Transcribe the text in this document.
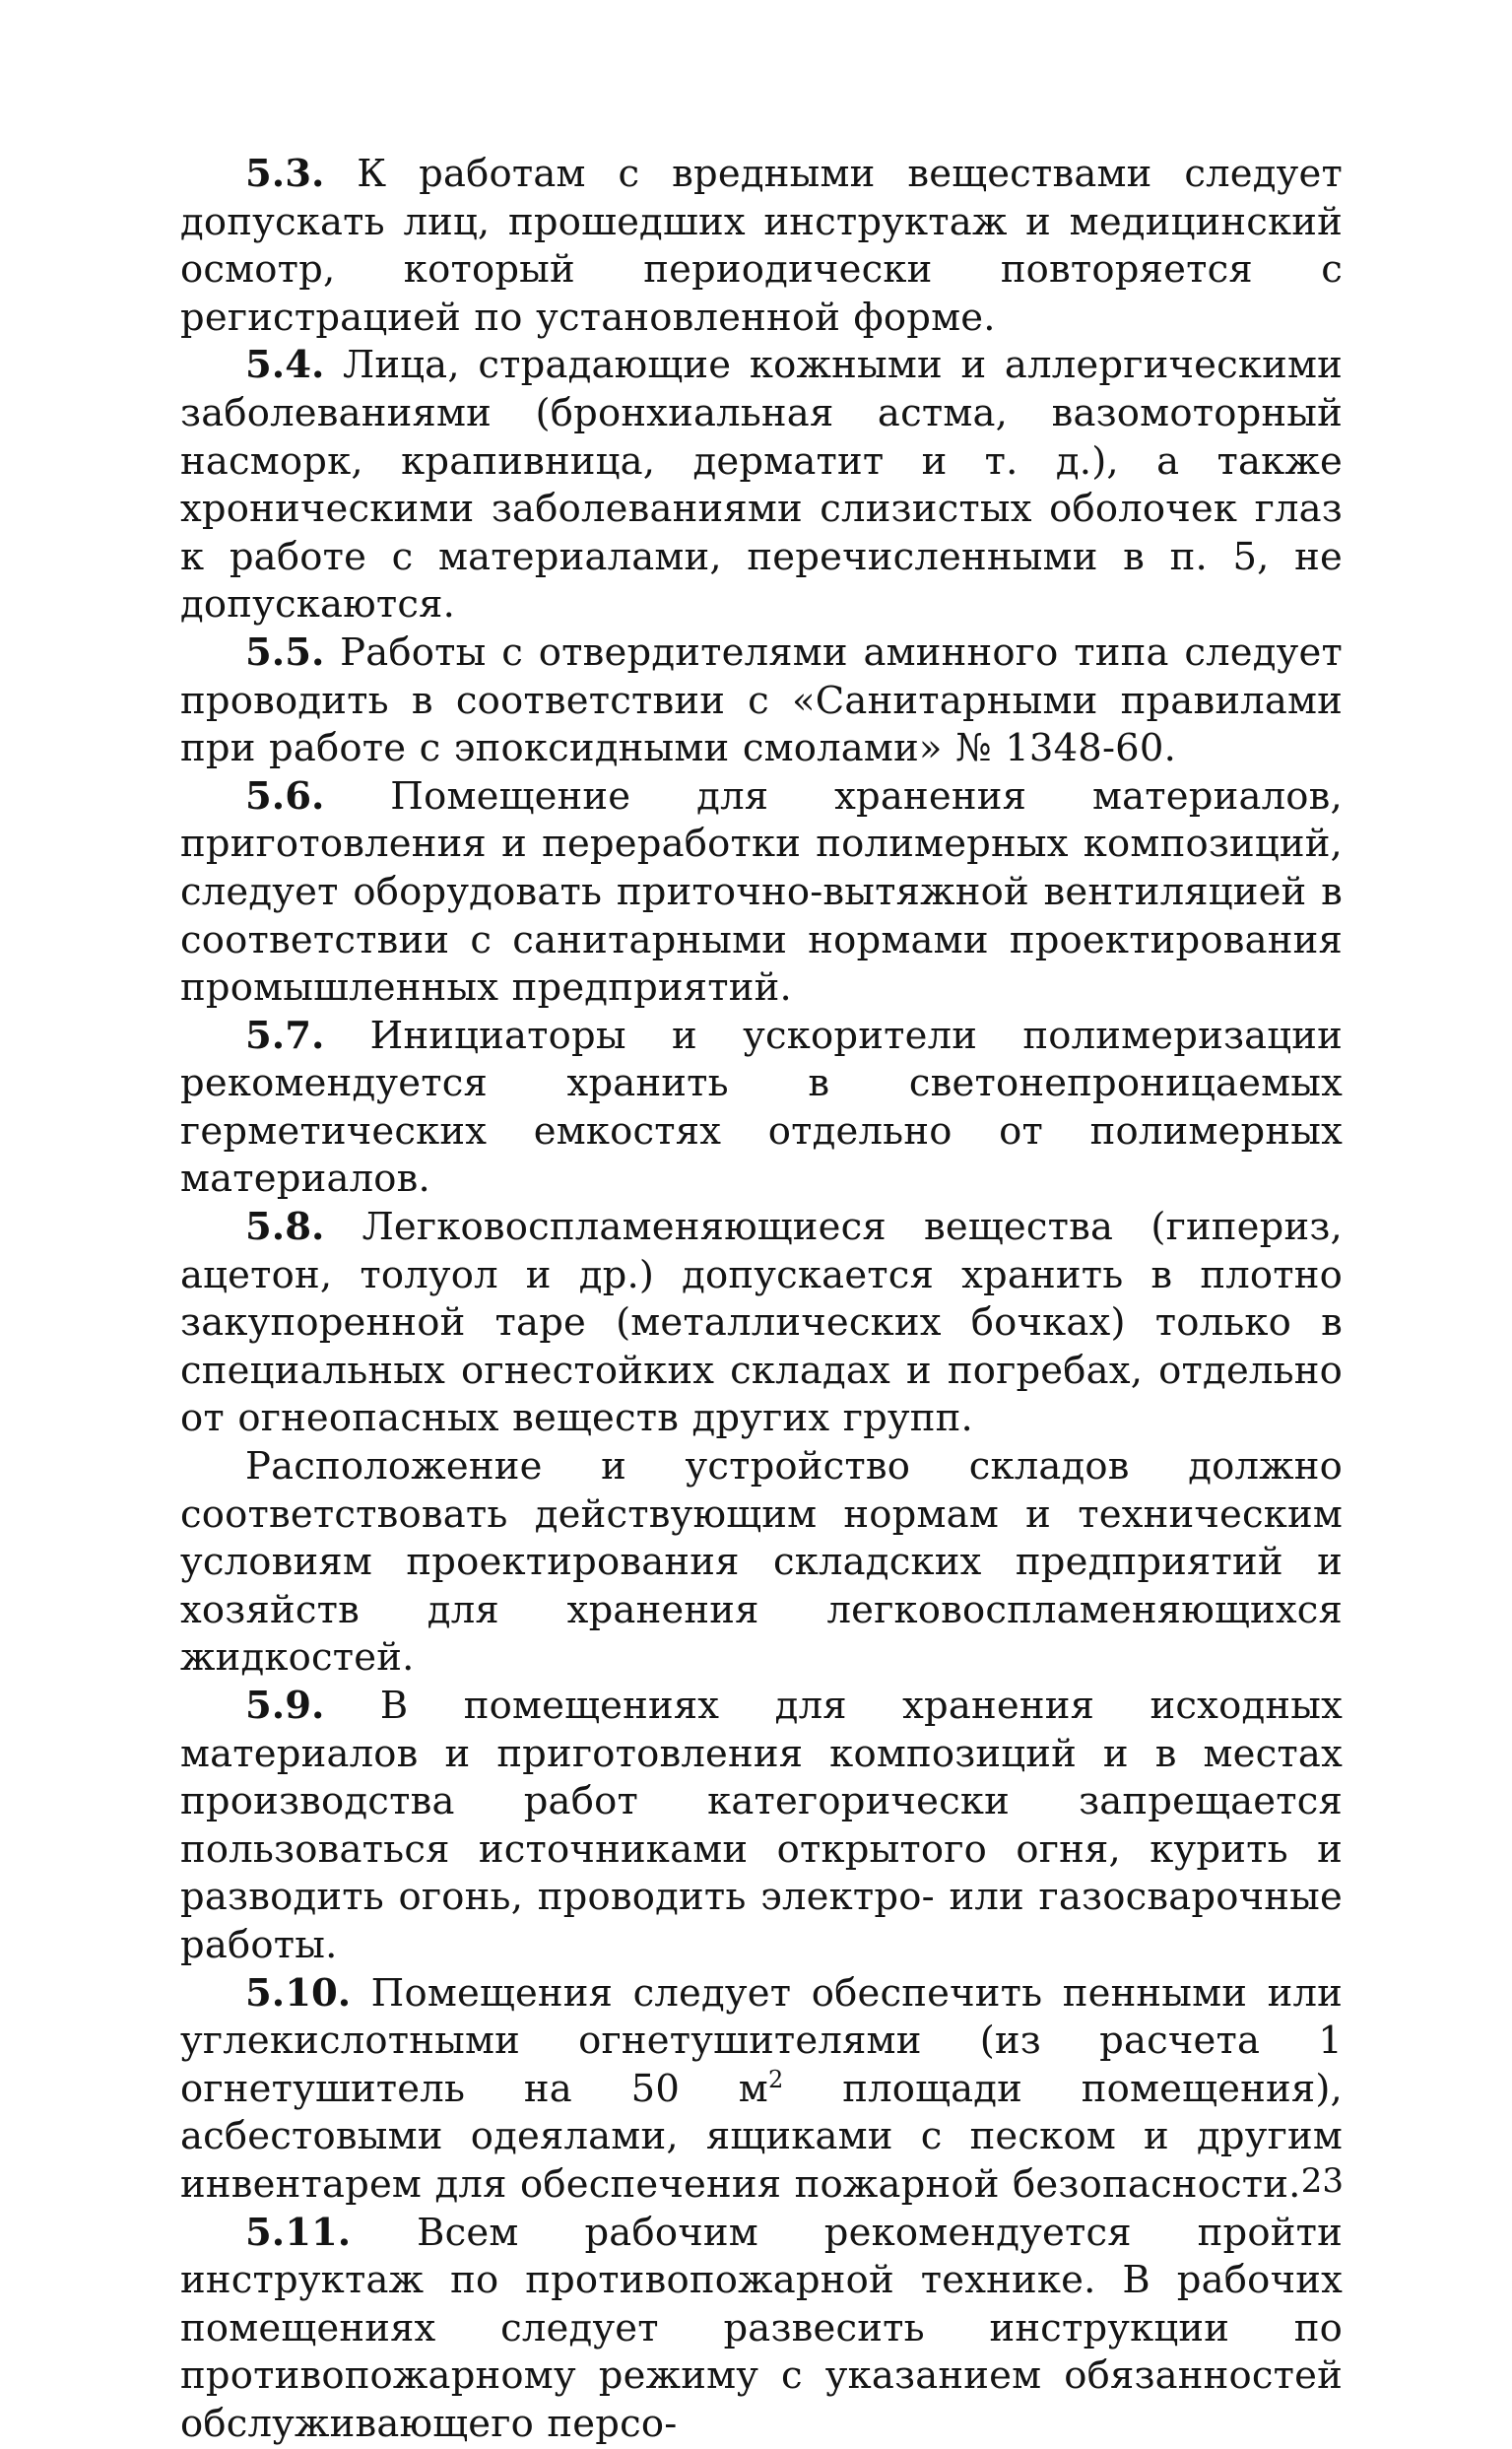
5.3. К работам с вредными веществами следует допускать лиц, прошедших инструктаж и медицинский осмотр, который периодически повторяется с регистрацией по установленной форме.

5.4. Лица, страдающие кожными и аллергическими заболеваниями (бронхиальная астма, вазомоторный насморк, крапивница, дерматит и т. д.), а также хроническими заболеваниями слизистых оболочек глаз к работе с материалами, перечисленными в п. 5, не допускаются.

5.5. Работы с отвердителями аминного типа следует проводить в соответствии с «Санитарными правилами при работе с эпоксидными смолами» № 1348-60.

5.6. Помещение для хранения материалов, приготовления и переработки полимерных композиций, следует оборудовать приточно-вытяжной вентиляцией в соответствии с санитарными нормами проектирования промышленных предприятий.

5.7. Инициаторы и ускорители полимеризации рекомендуется хранить в светонепроницаемых герметических емкостях отдельно от полимерных материалов.

5.8. Легковоспламеняющиеся вещества (гипериз, ацетон, толуол и др.) допускается хранить в плотно закупоренной таре (металлических бочках) только в специальных огнестойких складах и погребах, отдельно от огнеопасных веществ других групп.

Расположение и устройство складов должно соответствовать действующим нормам и техническим условиям проектирования складских предприятий и хозяйств для хранения легковоспламеняющихся жидкостей.

5.9. В помещениях для хранения исходных материалов и приготовления композиций и в местах производства работ категорически запрещается пользоваться источниками открытого огня, курить и разводить огонь, проводить электро- или газосварочные работы.

5.10. Помещения следует обеспечить пенными или углекислотными огнетушителями (из расчета 1 огнетушитель на 50 $м^2$ площади помещения), асбестовыми одеялами, ящиками с песком и другим инвентарем для обеспечения пожарной безопасности.

5.11. Всем рабочим рекомендуется пройти инструктаж по противопожарной технике. В рабочих помещениях следует развесить инструкции по противопожарному режиму с указанием обязанностей обслуживающего персо-

23
